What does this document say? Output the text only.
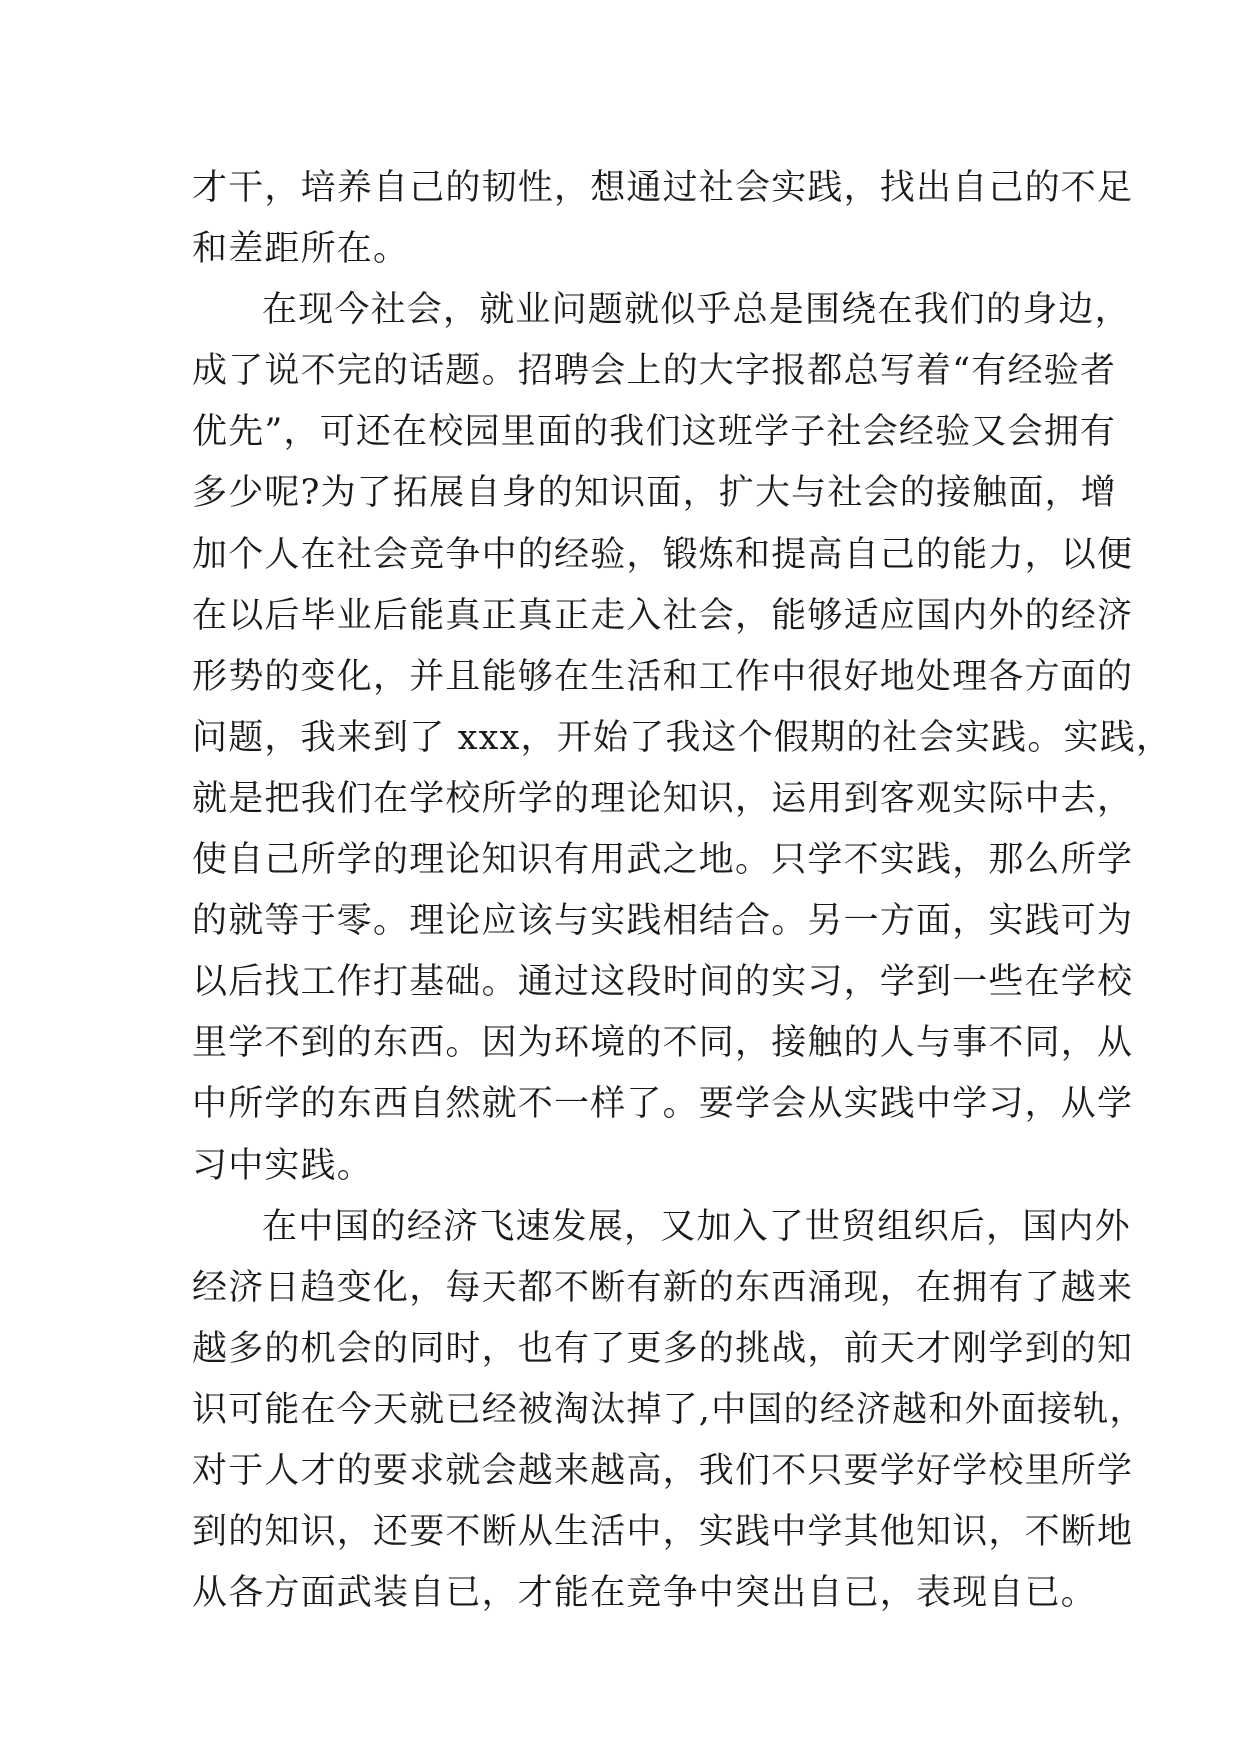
才干，培养自己的韧性，想通过社会实践，找出自己的不足
和差距所在。
在现今社会，就业问题就似乎总是围绕在我们的身边，
成了说不完的话题。招聘会上的大字报都总写着“有经验者
优先”，可还在校园里面的我们这班学子社会经验又会拥有
多少呢?为了拓展自身的知识面，扩大与社会的接触面，增
加个人在社会竞争中的经验，锻炼和提高自己的能力，以便
在以后毕业后能真正真正走入社会，能够适应国内外的经济
形势的变化，并且能够在生活和工作中很好地处理各方面的
问题，我来到了 xxx，开始了我这个假期的社会实践。实践，
就是把我们在学校所学的理论知识，运用到客观实际中去，
使自己所学的理论知识有用武之地。只学不实践，那么所学
的就等于零。理论应该与实践相结合。另一方面，实践可为
以后找工作打基础。通过这段时间的实习，学到一些在学校
里学不到的东西。因为环境的不同，接触的人与事不同，从
中所学的东西自然就不一样了。要学会从实践中学习，从学
习中实践。
在中国的经济飞速发展，又加入了世贸组织后，国内外
经济日趋变化，每天都不断有新的东西涌现，在拥有了越来
越多的机会的同时，也有了更多的挑战，前天才刚学到的知
识可能在今天就已经被淘汰掉了,中国的经济越和外面接轨，
对于人才的要求就会越来越高，我们不只要学好学校里所学
到的知识，还要不断从生活中，实践中学其他知识，不断地
从各方面武装自已，才能在竞争中突出自已，表现自已。
